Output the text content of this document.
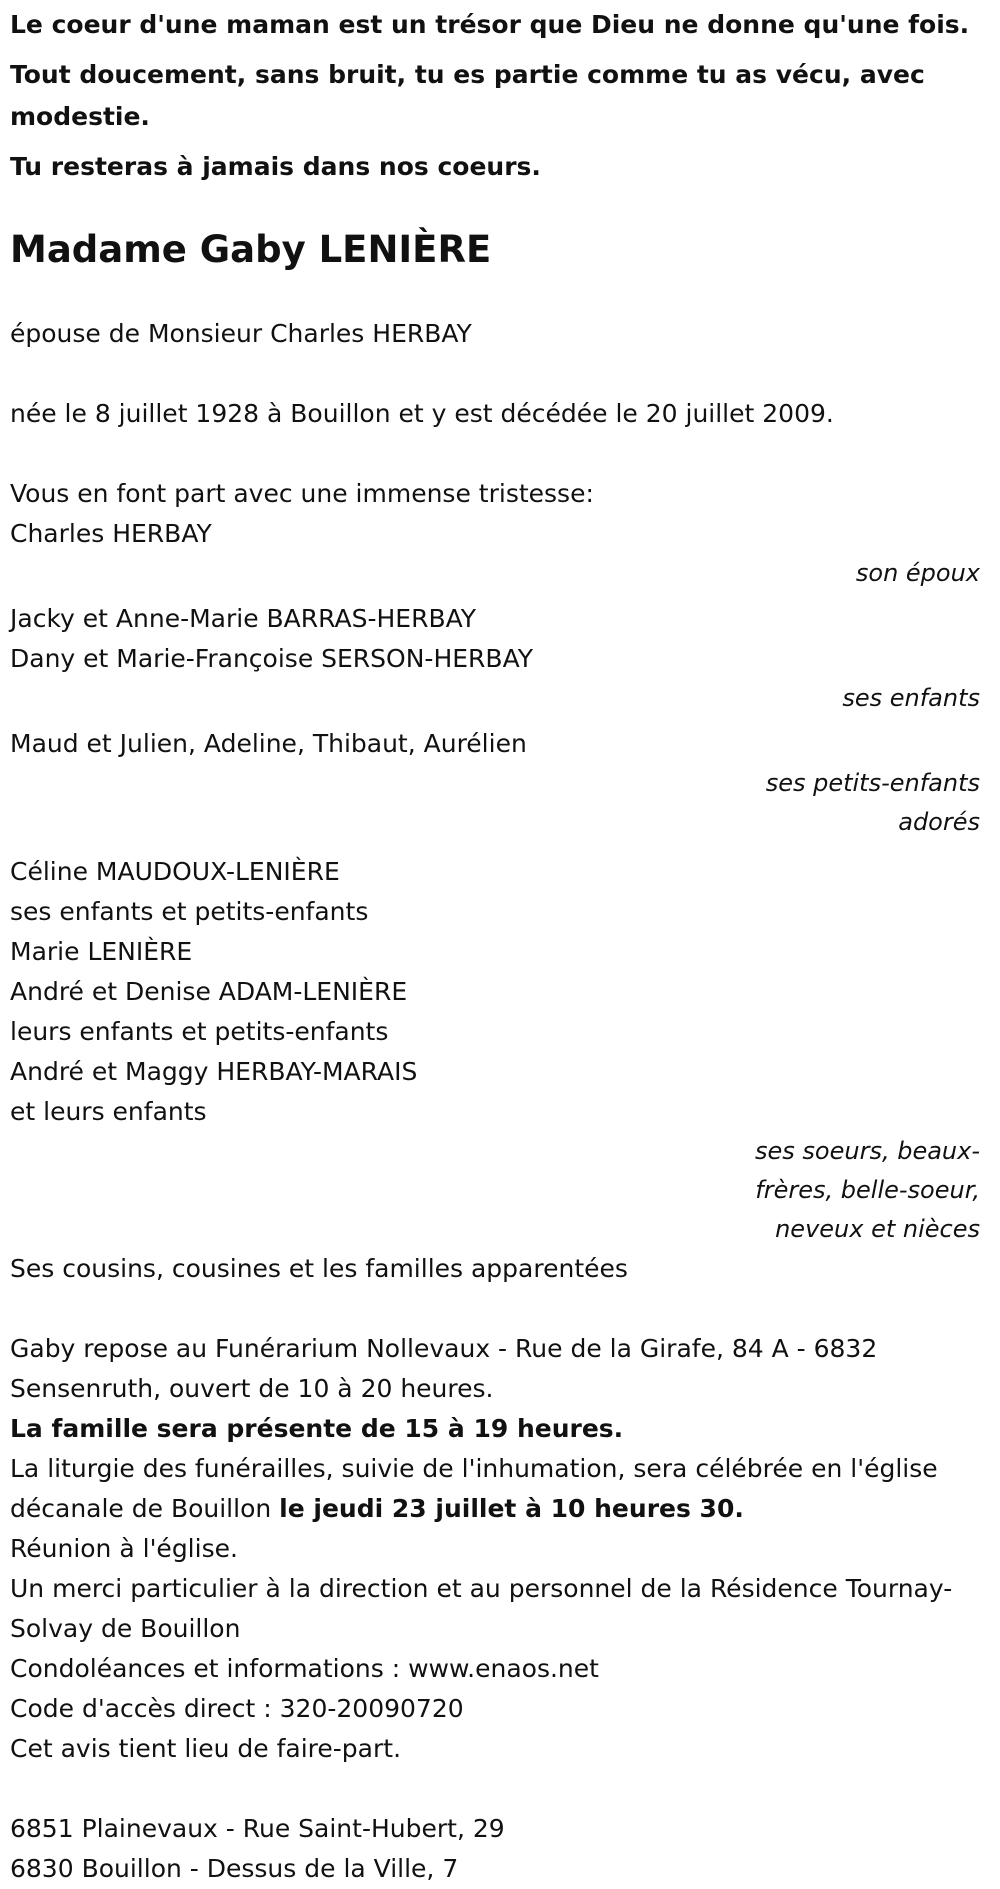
Le coeur d'une maman est un trésor que Dieu ne donne qu'une fois.

Tout doucement, sans bruit, tu es partie comme tu as vécu, avec modestie.

Tu resteras à jamais dans nos coeurs.

Madame Gaby LENIÈRE
épouse de Monsieur Charles HERBAY
née le 8 juillet 1928 à Bouillon et y est décédée le 20 juillet 2009.
Vous en font part avec une immense tristesse:
Charles HERBAY
son époux
Jacky et Anne-Marie BARRAS-HERBAY
Dany et Marie-Françoise SERSON-HERBAY
ses enfants
Maud et Julien, Adeline, Thibaut, Aurélien
ses petits-enfants
adorés
Céline MAUDOUX-LENIÈRE
ses enfants et petits-enfants
Marie LENIÈRE
André et Denise ADAM-LENIÈRE
leurs enfants et petits-enfants
André et Maggy HERBAY-MARAIS
et leurs enfants
ses soeurs, beaux-
frères, belle-soeur,
neveux et nièces
Ses cousins, cousines et les familles apparentées
Gaby repose au Funérarium Nollevaux - Rue de la Girafe, 84 A - 6832 Sensenruth, ouvert de 10 à 20 heures.
La famille sera présente de 15 à 19 heures.
La liturgie des funérailles, suivie de l'inhumation, sera célébrée en l'église décanale de Bouillon le jeudi 23 juillet à 10 heures 30.
Réunion à l'église.
Un merci particulier à la direction et au personnel de la Résidence Tournay-Solvay de Bouillon
Condoléances et informations : www.enaos.net
Code d'accès direct : 320-20090720
Cet avis tient lieu de faire-part.
6851 Plainevaux - Rue Saint-Hubert, 29
6830 Bouillon - Dessus de la Ville, 7
